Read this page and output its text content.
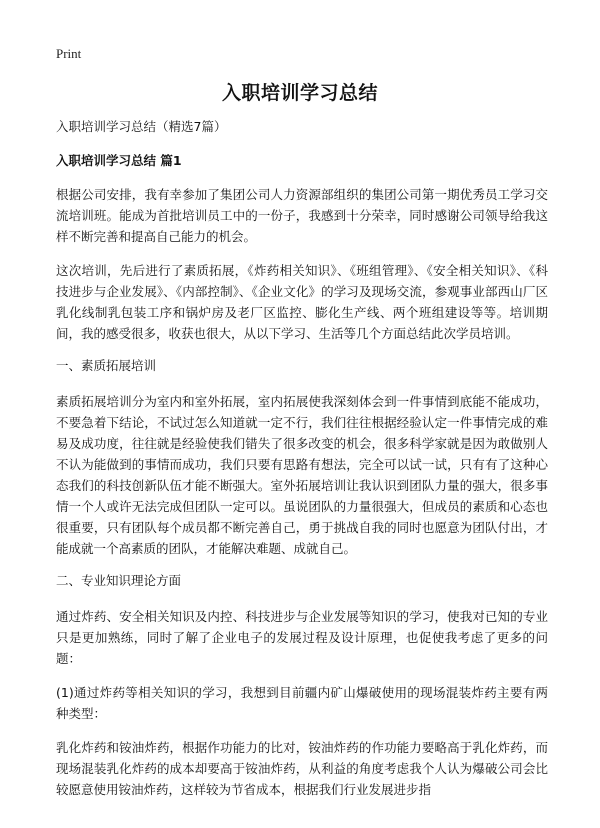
Print
入职培训学习总结

入职培训学习总结（精选7篇）

入职培训学习总结 篇1

根据公司安排，我有幸参加了集团公司人力资源部组织的集团公司第一期优秀员工学习交流培训班。能成为首批培训员工中的一份子，我感到十分荣幸，同时感谢公司领导给我这样不断完善和提高自己能力的机会。

这次培训，先后进行了素质拓展，《炸药相关知识》、《班组管理》、《安全相关知识》、《科技进步与企业发展》、《内部控制》、《企业文化》的学习及现场交流，参观事业部西山厂区乳化线制乳包装工序和锅炉房及老厂区监控、膨化生产线、两个班组建设等等。培训期间，我的感受很多，收获也很大，从以下学习、生活等几个方面总结此次学员培训。

一、素质拓展培训

素质拓展培训分为室内和室外拓展，室内拓展使我深刻体会到一件事情到底能不能成功，不要急着下结论，不试过怎么知道就一定不行，我们往往根据经验认定一件事情完成的难易及成功度，往往就是经验使我们错失了很多改变的机会，很多科学家就是因为敢做别人不认为能做到的事情而成功，我们只要有思路有想法，完全可以试一试，只有有了这种心态我们的科技创新队伍才能不断强大。室外拓展培训让我认识到团队力量的强大，很多事情一个人或许无法完成但团队一定可以。虽说团队的力量很强大，但成员的素质和心态也很重要，只有团队每个成员都不断完善自己，勇于挑战自我的同时也愿意为团队付出，才能成就一个高素质的团队，才能解决难题、成就自己。

二、专业知识理论方面

通过炸药、安全相关知识及内控、科技进步与企业发展等知识的学习，使我对已知的专业只是更加熟练，同时了解了企业电子的发展过程及设计原理，也促使我考虑了更多的问题：

(1)通过炸药等相关知识的学习，我想到目前疆内矿山爆破使用的现场混装炸药主要有两种类型：

乳化炸药和铵油炸药，根据作功能力的比对，铵油炸药的作功能力要略高于乳化炸药，而现场混装乳化炸药的成本却要高于铵油炸药，从利益的角度考虑我个人认为爆破公司会比较愿意使用铵油炸药，这样较为节省成本，根据我们行业发展进步指
